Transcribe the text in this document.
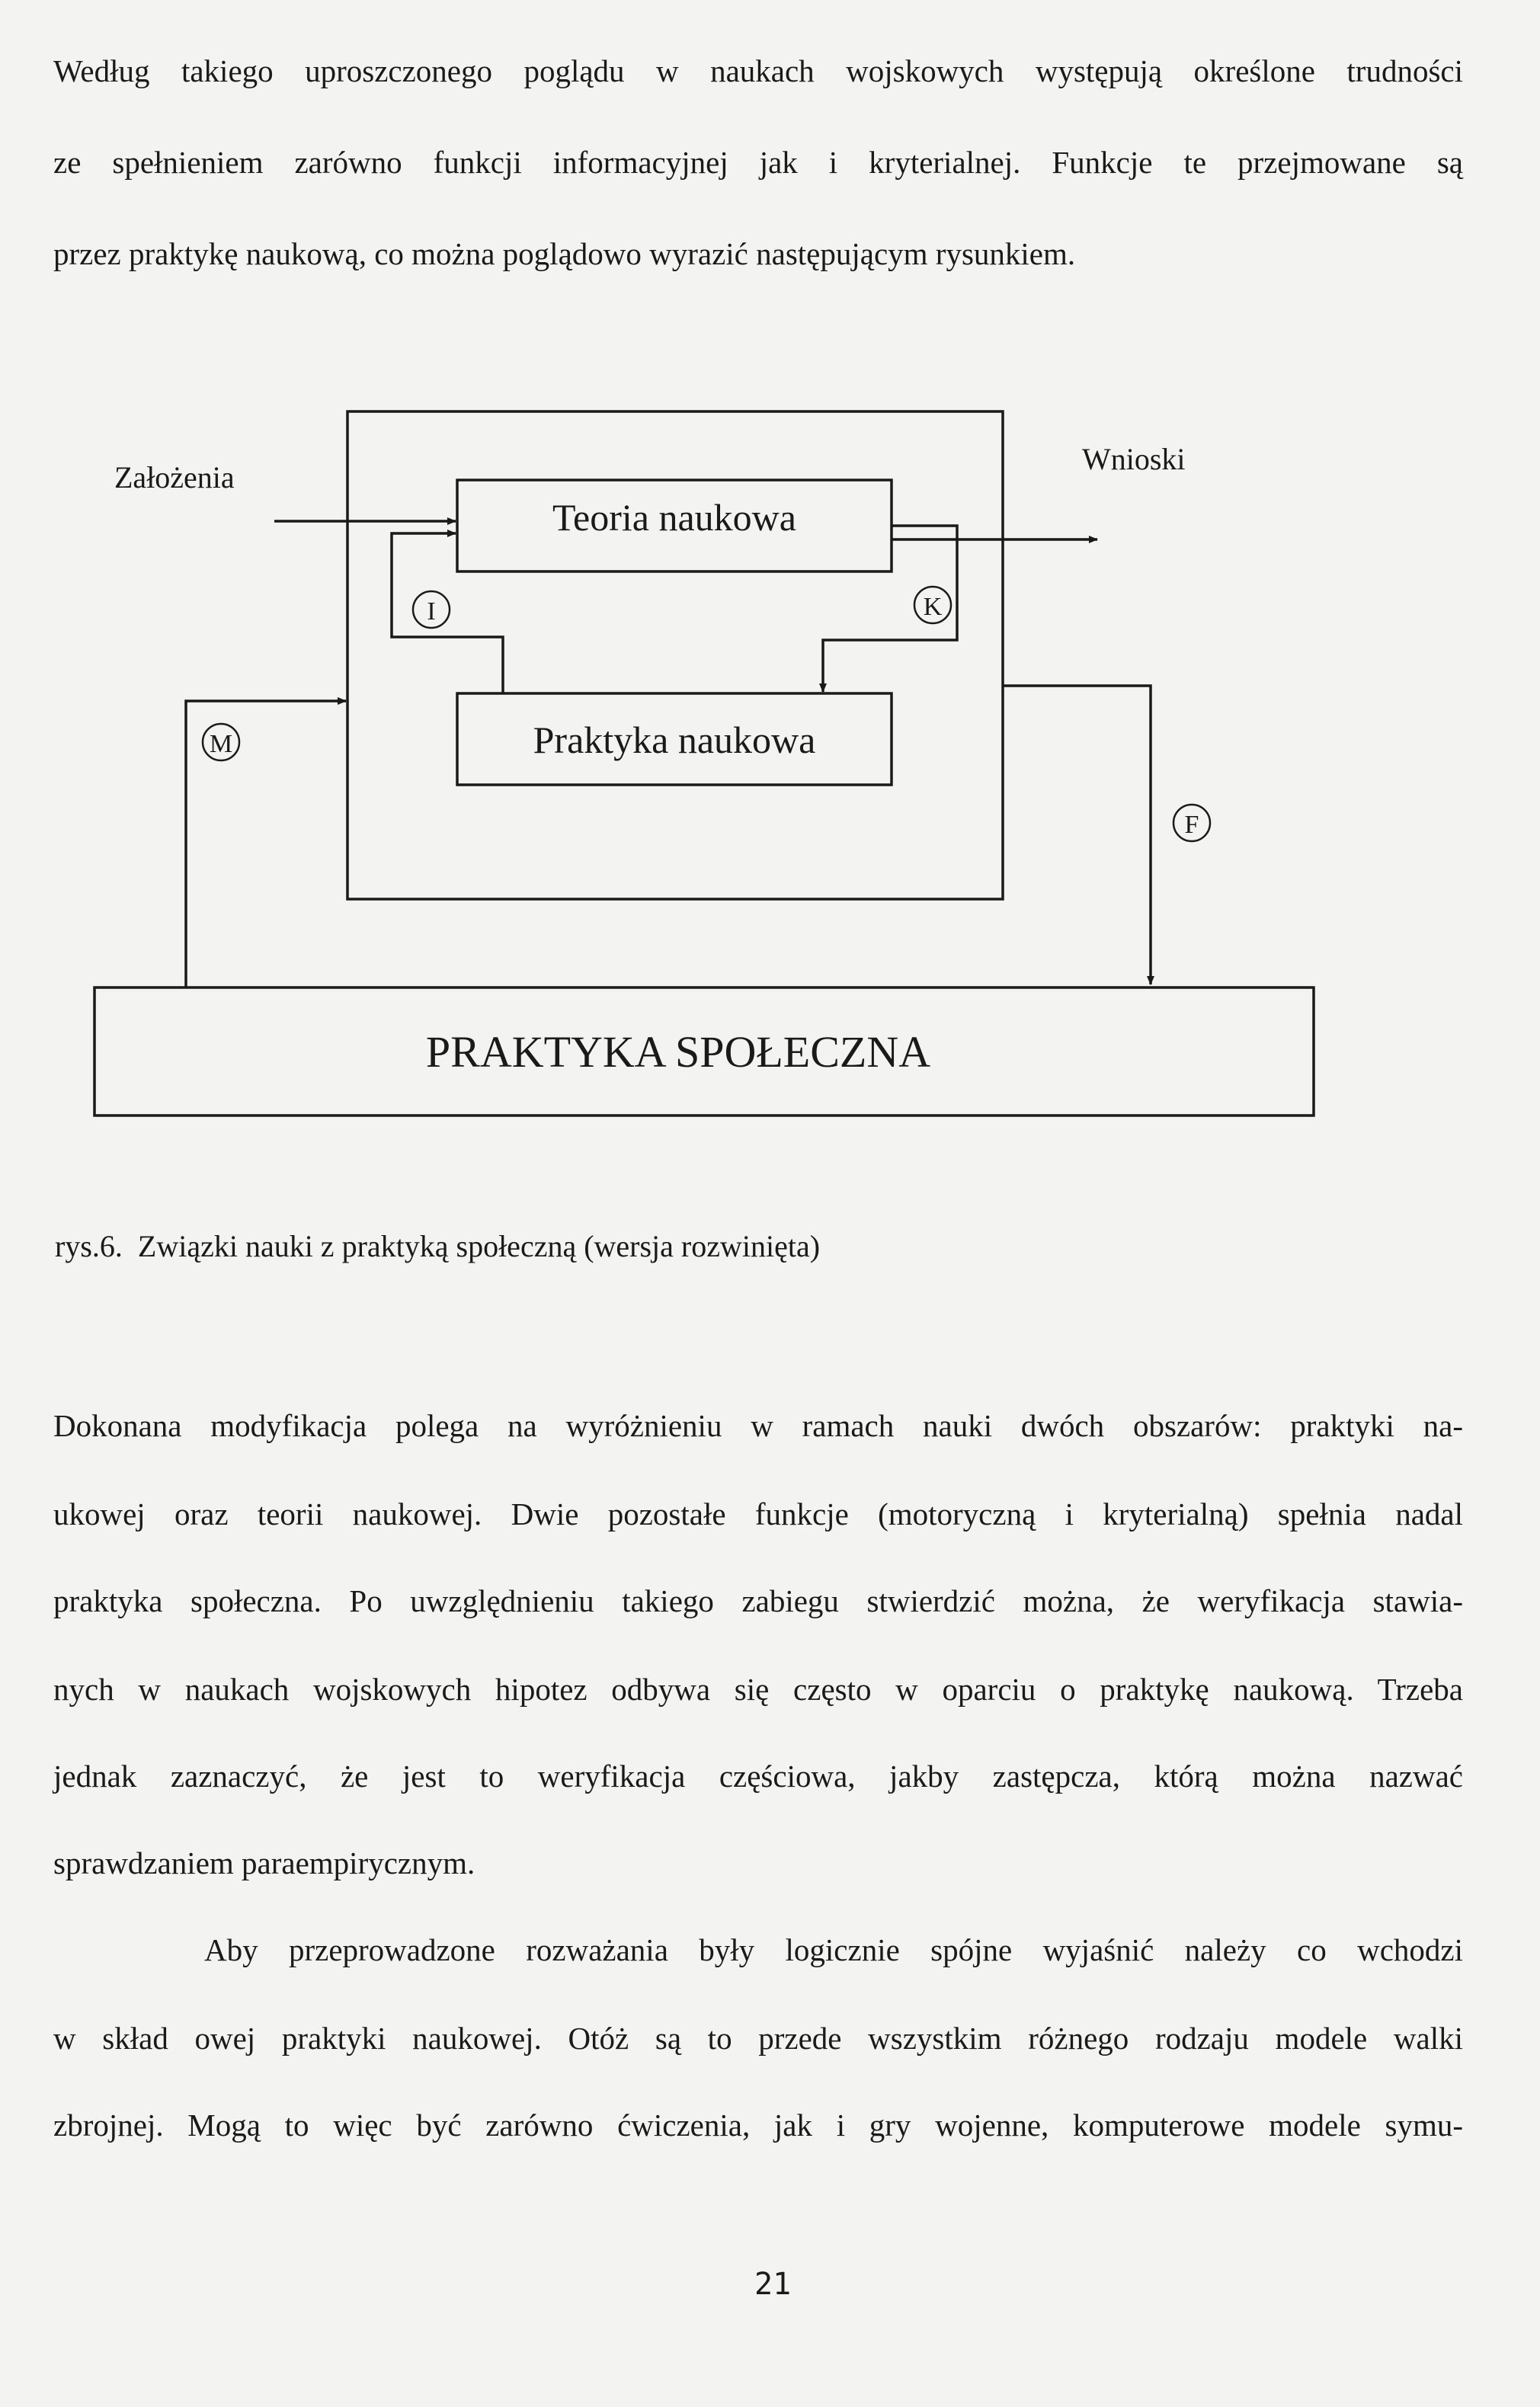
Według takiego uproszczonego poglądu w naukach wojskowych występują określone trudności
ze spełnieniem zarówno funkcji informacyjnej jak i kryterialnej. Funkcje te przejmowane są
przez praktykę naukową, co można poglądowo wyrazić następującym rysunkiem.
Założenia
Wnioski
Teoria naukowa
Praktyka naukowa
PRAKTYKA SPOŁECZNA
I	K
M
F
rys.6.  Związki nauki z praktyką społeczną (wersja rozwinięta)
Dokonana modyfikacja polega na wyróżnieniu w ramach nauki dwóch obszarów: praktyki na-
ukowej oraz teorii naukowej. Dwie pozostałe funkcje (motoryczną i kryterialną) spełnia nadal
praktyka społeczna. Po uwzględnieniu takiego zabiegu stwierdzić można, że weryfikacja stawia-
nych w naukach wojskowych hipotez odbywa się często w oparciu o praktykę naukową. Trzeba
jednak zaznaczyć, że jest to weryfikacja częściowa, jakby zastępcza, którą można nazwać
sprawdzaniem paraempirycznym.
Aby przeprowadzone rozważania były logicznie spójne wyjaśnić należy co wchodzi
w skład owej praktyki naukowej. Otóż są to przede wszystkim różnego rodzaju modele walki
zbrojnej. Mogą to więc być zarówno ćwiczenia, jak i gry wojenne, komputerowe modele symu-
21
